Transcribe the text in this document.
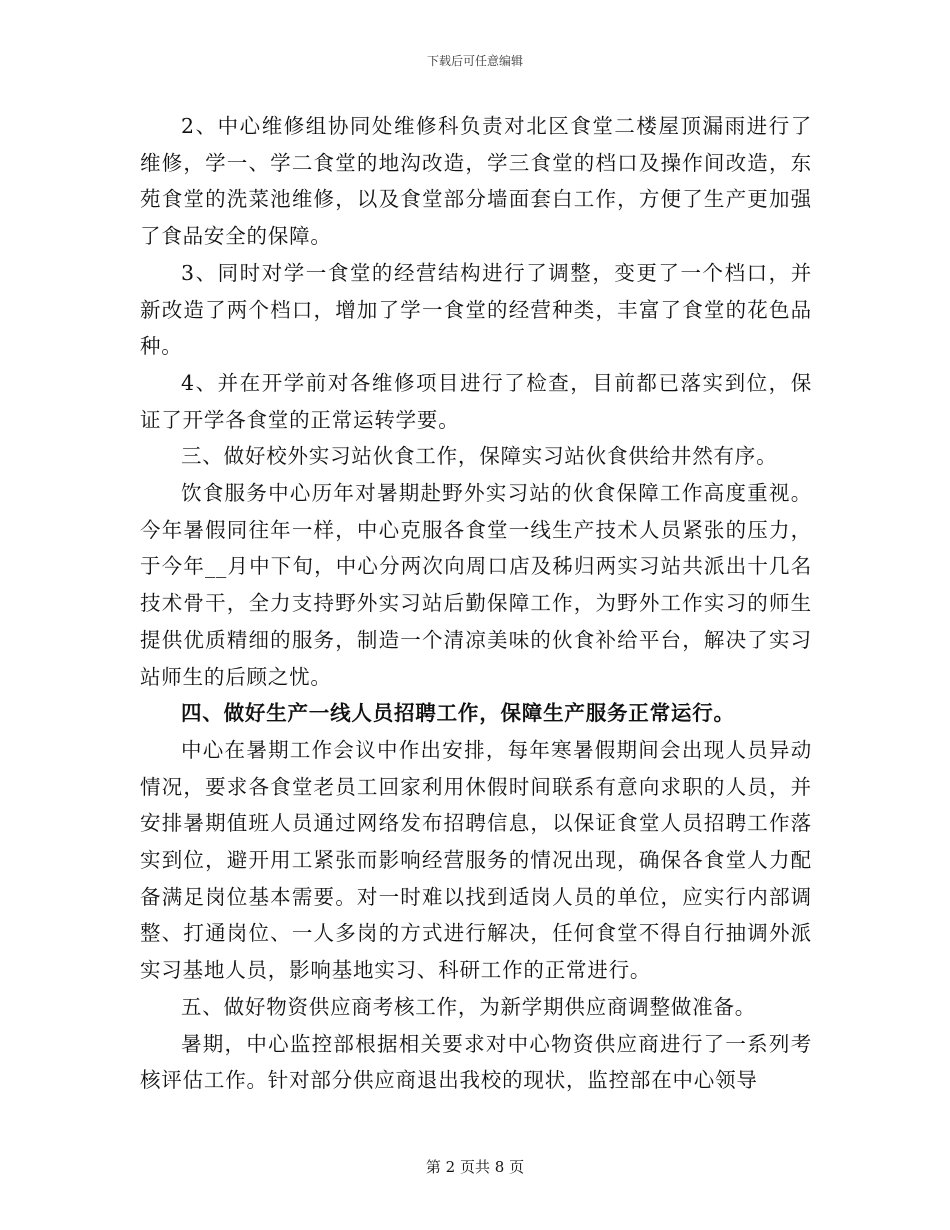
下载后可任意编辑

2、中心维修组协同处维修科负责对北区食堂二楼屋顶漏雨进行了维修，学一、学二食堂的地沟改造，学三食堂的档口及操作间改造，东苑食堂的洗菜池维修，以及食堂部分墙面套白工作，方便了生产更加强了食品安全的保障。

3、同时对学一食堂的经营结构进行了调整，变更了一个档口，并新改造了两个档口，增加了学一食堂的经营种类，丰富了食堂的花色品种。

4、并在开学前对各维修项目进行了检查，目前都已落实到位，保证了开学各食堂的正常运转学要。

三、做好校外实习站伙食工作，保障实习站伙食供给井然有序。

饮食服务中心历年对暑期赴野外实习站的伙食保障工作高度重视。今年暑假同往年一样，中心克服各食堂一线生产技术人员紧张的压力，于今年__月中下旬，中心分两次向周口店及秭归两实习站共派出十几名技术骨干，全力支持野外实习站后勤保障工作，为野外工作实习的师生提供优质精细的服务，制造一个清凉美味的伙食补给平台，解决了实习站师生的后顾之忧。

四、做好生产一线人员招聘工作，保障生产服务正常运行。

中心在暑期工作会议中作出安排，每年寒暑假期间会出现人员异动情况，要求各食堂老员工回家利用休假时间联系有意向求职的人员，并安排暑期值班人员通过网络发布招聘信息，以保证食堂人员招聘工作落实到位，避开用工紧张而影响经营服务的情况出现，确保各食堂人力配备满足岗位基本需要。对一时难以找到适岗人员的单位，应实行内部调整、打通岗位、一人多岗的方式进行解决，任何食堂不得自行抽调外派实习基地人员，影响基地实习、科研工作的正常进行。

五、做好物资供应商考核工作，为新学期供应商调整做准备。

暑期，中心监控部根据相关要求对中心物资供应商进行了一系列考核评估工作。针对部分供应商退出我校的现状，监控部在中心领导

第 2 页共 8 页
